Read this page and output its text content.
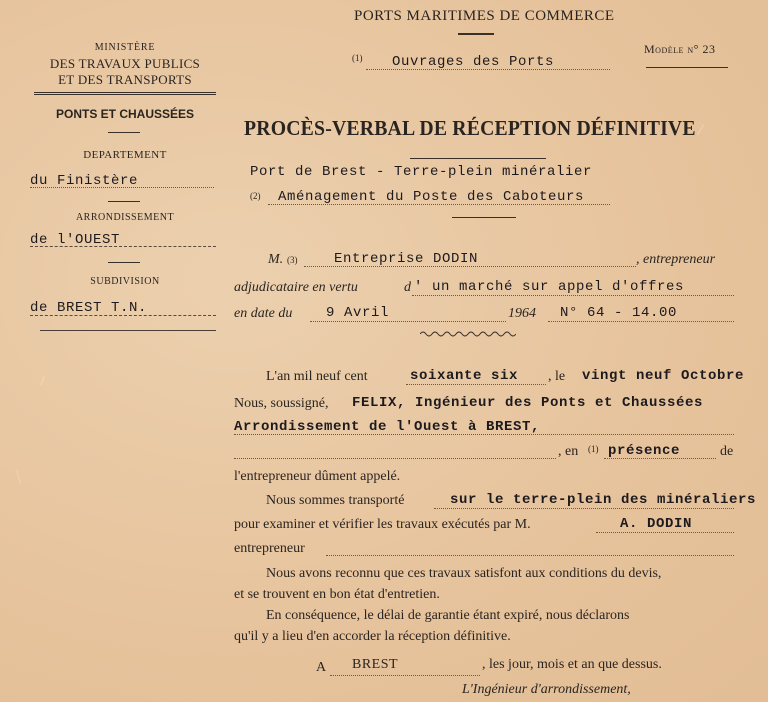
PORTS MARITIMES DE COMMERCE
(1) Ouvrages des Ports
Modèle n° 23
MINISTÈRE
DES TRAVAUX PUBLICS
ET DES TRANSPORTS
PONTS ET CHAUSSÉES
DEPARTEMENT
du Finistère
ARRONDISSEMENT
de l'OUEST
SUBDIVISION
de BREST T.N.
PROCÈS-VERBAL DE RÉCEPTION DÉFINITIVE
Port de Brest - Terre-plein minéralier
(2) Aménagement du Poste des Caboteurs
M. (3)	Entreprise DODIN	, entrepreneur
adjudicataire en vertu	d ' un marché sur appel d'offres
en date du 9 Avril	1964 N° 64 - 14.00
L'an mil neuf cent	soixante six , le vingt neuf Octobre
Nous, soussigné, FELIX, Ingénieur des Ponts et Chaussées
Arrondissement de l'Ouest à BREST,
, en (1) présence	de
l'entrepreneur dûment appelé.
Nous sommes transporté	sur le terre-plein des minéraliers
pour examiner et vérifier les travaux exécutés par M.	A. DODIN
entrepreneur
Nous avons reconnu que ces travaux satisfont aux conditions du devis,
et se trouvent en bon état d'entretien.
En conséquence, le délai de garantie étant expiré, nous déclarons
qu'il y a lieu d'en accorder la réception définitive.
A BREST	, les jour, mois et an que dessus.
L'Ingénieur d'arrondissement,
